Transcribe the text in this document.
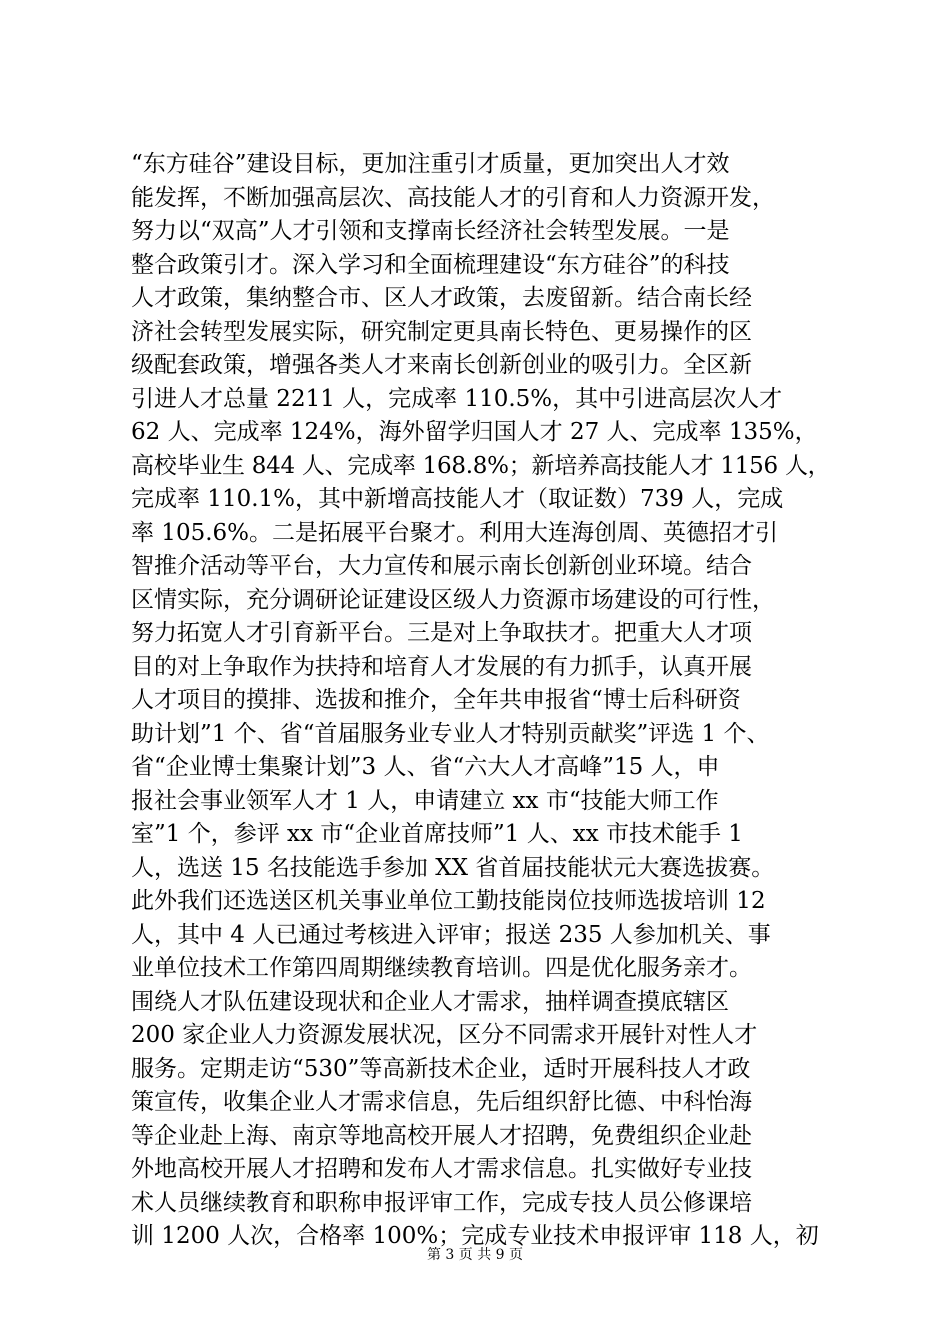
“东方硅谷”建设目标，更加注重引才质量，更加突出人才效
能发挥，不断加强高层次、高技能人才的引育和人力资源开发，
努力以“双高”人才引领和支撑南长经济社会转型发展。一是
整合政策引才。深入学习和全面梳理建设“东方硅谷”的科技
人才政策，集纳整合市、区人才政策，去废留新。结合南长经
济社会转型发展实际，研究制定更具南长特色、更易操作的区
级配套政策，增强各类人才来南长创新创业的吸引力。全区新
引进人才总量 2211 人，完成率 110.5%，其中引进高层次人才
62 人、完成率 124%，海外留学归国人才 27 人、完成率 135%，
高校毕业生 844 人、完成率 168.8%；新培养高技能人才 1156 人，
完成率 110.1%，其中新增高技能人才（取证数）739 人，完成
率 105.6%。二是拓展平台聚才。利用大连海创周、英德招才引
智推介活动等平台，大力宣传和展示南长创新创业环境。结合
区情实际，充分调研论证建设区级人力资源市场建设的可行性，
努力拓宽人才引育新平台。三是对上争取扶才。把重大人才项
目的对上争取作为扶持和培育人才发展的有力抓手，认真开展
人才项目的摸排、选拔和推介，全年共申报省“博士后科研资
助计划”1 个、省“首届服务业专业人才特别贡献奖”评选 1 个、
省“企业博士集聚计划”3 人、省“六大人才高峰”15 人，申
报社会事业领军人才 1 人，申请建立 xx 市“技能大师工作
室”1 个，参评 xx 市“企业首席技师”1 人、xx 市技术能手 1
人，选送 15 名技能选手参加 XX 省首届技能状元大赛选拔赛。
此外我们还选送区机关事业单位工勤技能岗位技师选拔培训 12
人，其中 4 人已通过考核进入评审；报送 235 人参加机关、事
业单位技术工作第四周期继续教育培训。四是优化服务亲才。
围绕人才队伍建设现状和企业人才需求，抽样调查摸底辖区
200 家企业人力资源发展状况，区分不同需求开展针对性人才
服务。定期走访“530”等高新技术企业，适时开展科技人才政
策宣传，收集企业人才需求信息，先后组织舒比德、中科怡海
等企业赴上海、南京等地高校开展人才招聘，免费组织企业赴
外地高校开展人才招聘和发布人才需求信息。扎实做好专业技
术人员继续教育和职称申报评审工作，完成专技人员公修课培
训 1200 人次，合格率 100%；完成专业技术申报评审 118 人，初
第 3 页 共 9 页
